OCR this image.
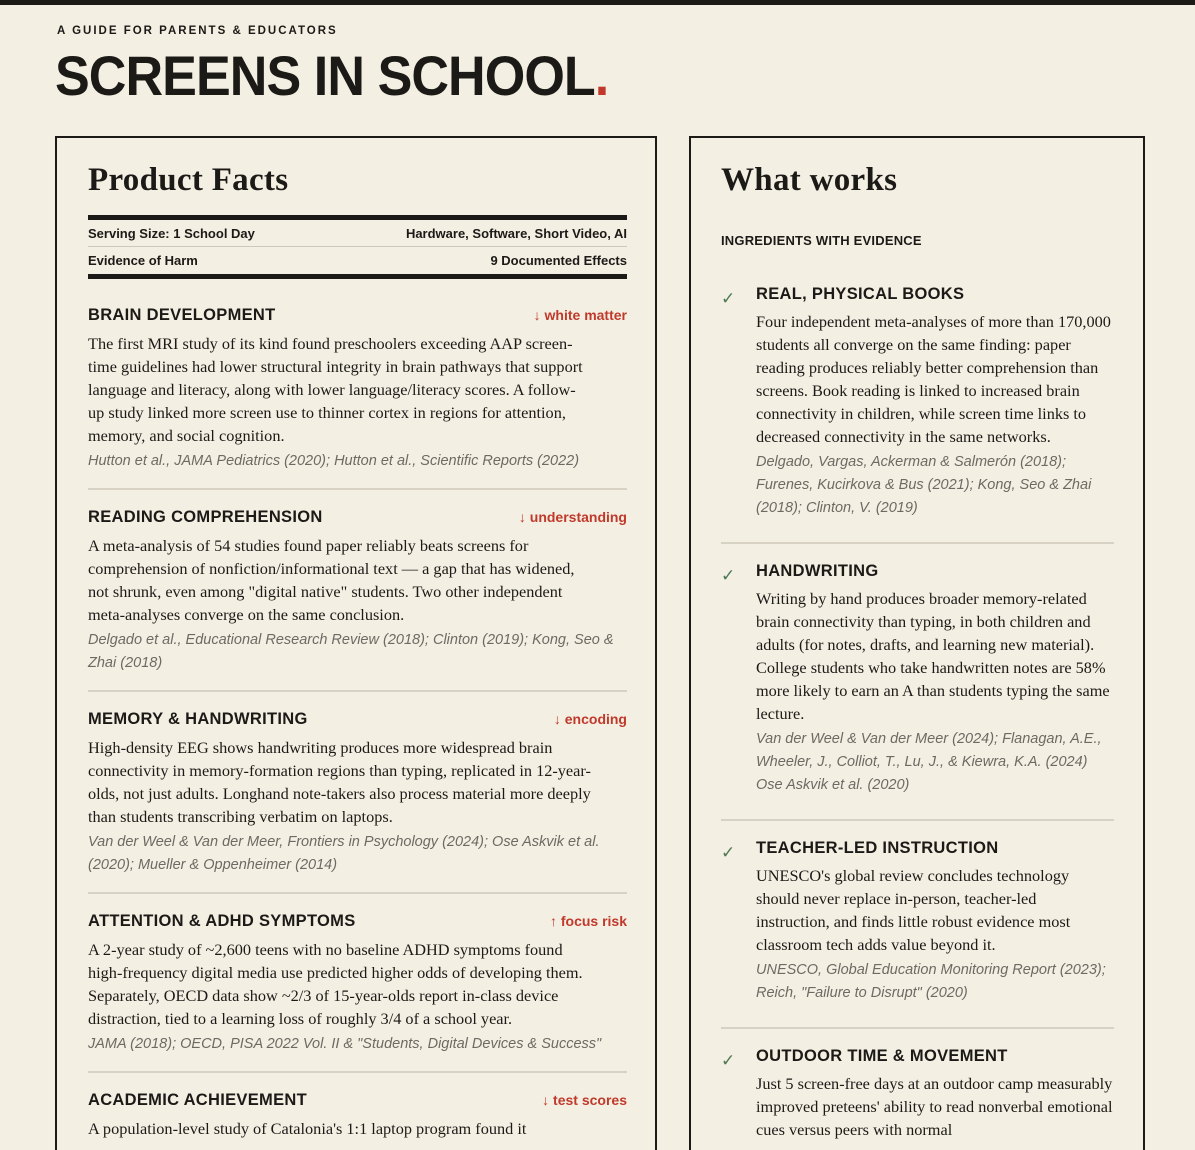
A GUIDE FOR PARENTS & EDUCATORS
SCREENS IN SCHOOL.
Product Facts
Serving Size: 1 School Day	Hardware, Software, Short Video, AI
Evidence of Harm	9 Documented Effects
BRAIN DEVELOPMENT	↓ white matter

The first MRI study of its kind found preschoolers exceeding AAP screen-time guidelines had lower structural integrity in brain pathways that support language and literacy, along with lower language/literacy scores. A follow-up study linked more screen use to thinner cortex in regions for attention, memory, and social cognition.

Hutton et al., JAMA Pediatrics (2020); Hutton et al., Scientific Reports (2022)

READING COMPREHENSION	↓ understanding

A meta-analysis of 54 studies found paper reliably beats screens for comprehension of nonfiction/informational text — a gap that has widened, not shrunk, even among "digital native" students. Two other independent meta-analyses converge on the same conclusion.

Delgado et al., Educational Research Review (2018); Clinton (2019); Kong, Seo & Zhai (2018)

MEMORY & HANDWRITING	↓ encoding

High-density EEG shows handwriting produces more widespread brain connectivity in memory-formation regions than typing, replicated in 12-year-olds, not just adults. Longhand note-takers also process material more deeply than students transcribing verbatim on laptops.

Van der Weel & Van der Meer, Frontiers in Psychology (2024); Ose Askvik et al. (2020); Mueller & Oppenheimer (2014)

ATTENTION & ADHD SYMPTOMS	↑ focus risk

A 2-year study of ~2,600 teens with no baseline ADHD symptoms found high-frequency digital media use predicted higher odds of developing them. Separately, OECD data show ~2/3 of 15-year-olds report in-class device distraction, tied to a learning loss of roughly 3/4 of a school year.

JAMA (2018); OECD, PISA 2022 Vol. II & "Students, Digital Devices & Success"

ACADEMIC ACHIEVEMENT	↓ test scores

A population-level study of Catalonia's 1:1 laptop program found it

What works
INGREDIENTS WITH EVIDENCE
✓	REAL, PHYSICAL BOOKS

Four independent meta-analyses of more than 170,000 students all converge on the same finding: paper reading produces reliably better comprehension than screens. Book reading is linked to increased brain connectivity in children, while screen time links to decreased connectivity in the same networks.

Delgado, Vargas, Ackerman & Salmerón (2018); Furenes, Kucirkova & Bus (2021); Kong, Seo & Zhai (2018); Clinton, V. (2019)

✓	HANDWRITING

Writing by hand produces broader memory-related brain connectivity than typing, in both children and adults (for notes, drafts, and learning new material). College students who take handwritten notes are 58% more likely to earn an A than students typing the same lecture.

Van der Weel & Van der Meer (2024); Flanagan, A.E., Wheeler, J., Colliot, T., Lu, J., & Kiewra, K.A. (2024) Ose Askvik et al. (2020)

✓	TEACHER-LED INSTRUCTION

UNESCO's global review concludes technology should never replace in-person, teacher-led instruction, and finds little robust evidence most classroom tech adds value beyond it.

UNESCO, Global Education Monitoring Report (2023); Reich, "Failure to Disrupt" (2020)

✓	OUTDOOR TIME & MOVEMENT

Just 5 screen-free days at an outdoor camp measurably improved preteens' ability to read nonverbal emotional cues versus peers with normal
